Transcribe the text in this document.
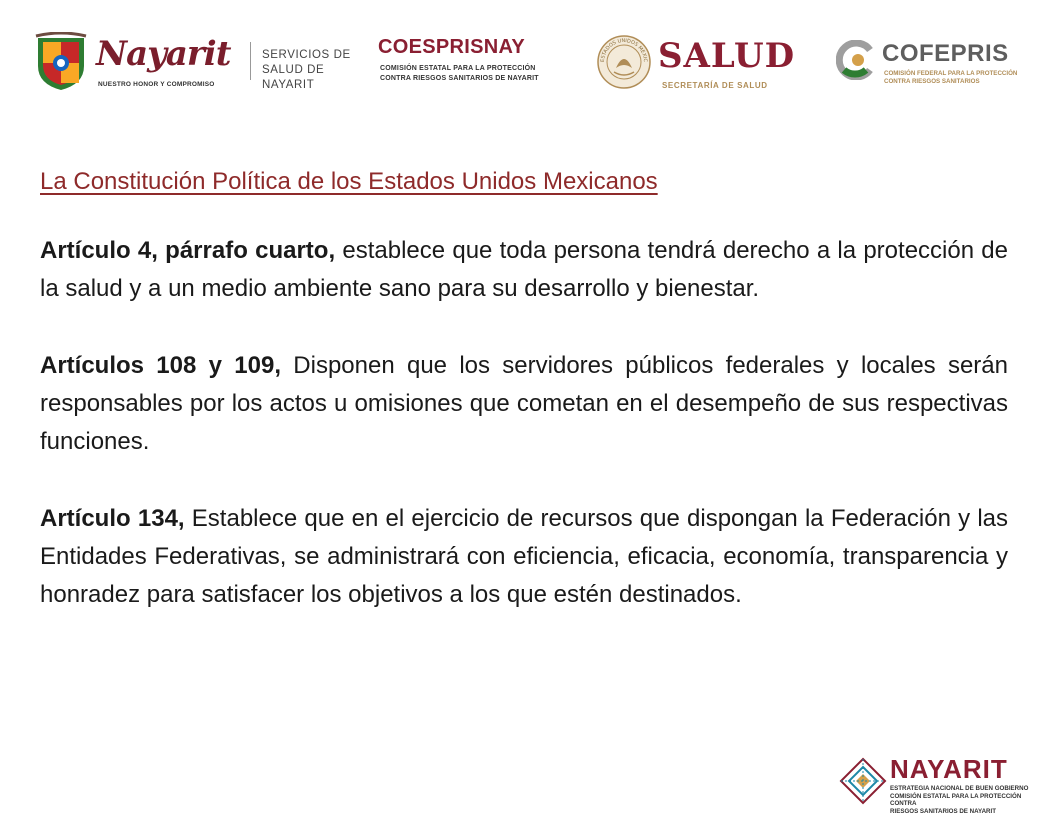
Nayarit
NUESTRO HONOR Y COMPROMISO
SERVICIOS DE
SALUD DE NAYARIT
COESPRISNAY
COMISIÓN ESTATAL PARA LA PROTECCIÓN
CONTRA RIESGOS SANITARIOS DE NAYARIT
ESTADOS UNIDOS MEXIC SALUD
SECRETARÍA DE SALUD
COFEPRIS
COMISIÓN FEDERAL PARA LA PROTECCIÓN
CONTRA RIESGOS SANITARIOS
La Constitución Política de los Estados Unidos Mexicanos

Artículo 4, párrafo cuarto, establece que toda persona tendrá derecho a la protección de la salud y a un medio ambiente sano para su desarrollo y bienestar.

Artículos 108 y 109, Disponen que los servidores públicos federales y locales serán responsables por los actos u omisiones que cometan en el desempeño de sus respectivas funciones.

Artículo 134, Establece que en el ejercicio de recursos que dispongan la Federación y las Entidades Federativas, se administrará con eficiencia, eficacia, economía, transparencia y honradez para satisfacer los objetivos a los que estén destinados.

NAYARIT
ESTRATEGIA NACIONAL DE BUEN GOBIERNO
COMISIÓN ESTATAL PARA LA PROTECCIÓN CONTRA
RIESGOS SANITARIOS DE NAYARIT
